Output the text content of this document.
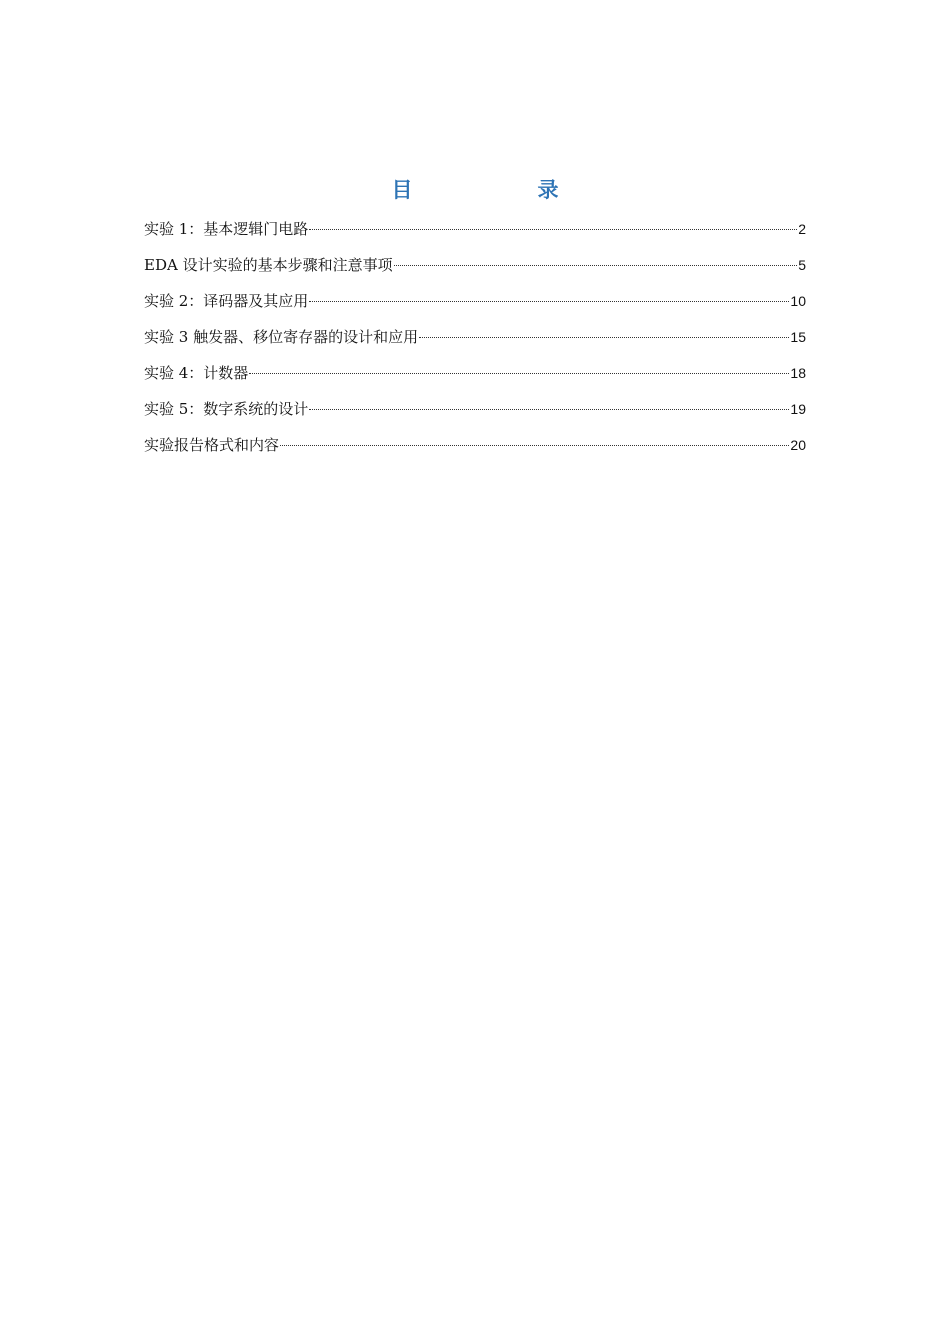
目　录
实验 1：基本逻辑门电路	2
EDA 设计实验的基本步骤和注意事项	5
实验 2：译码器及其应用	10
实验 3 触发器、移位寄存器的设计和应用	15
实验 4：计数器	18
实验 5：数字系统的设计	19
实验报告格式和内容	20
